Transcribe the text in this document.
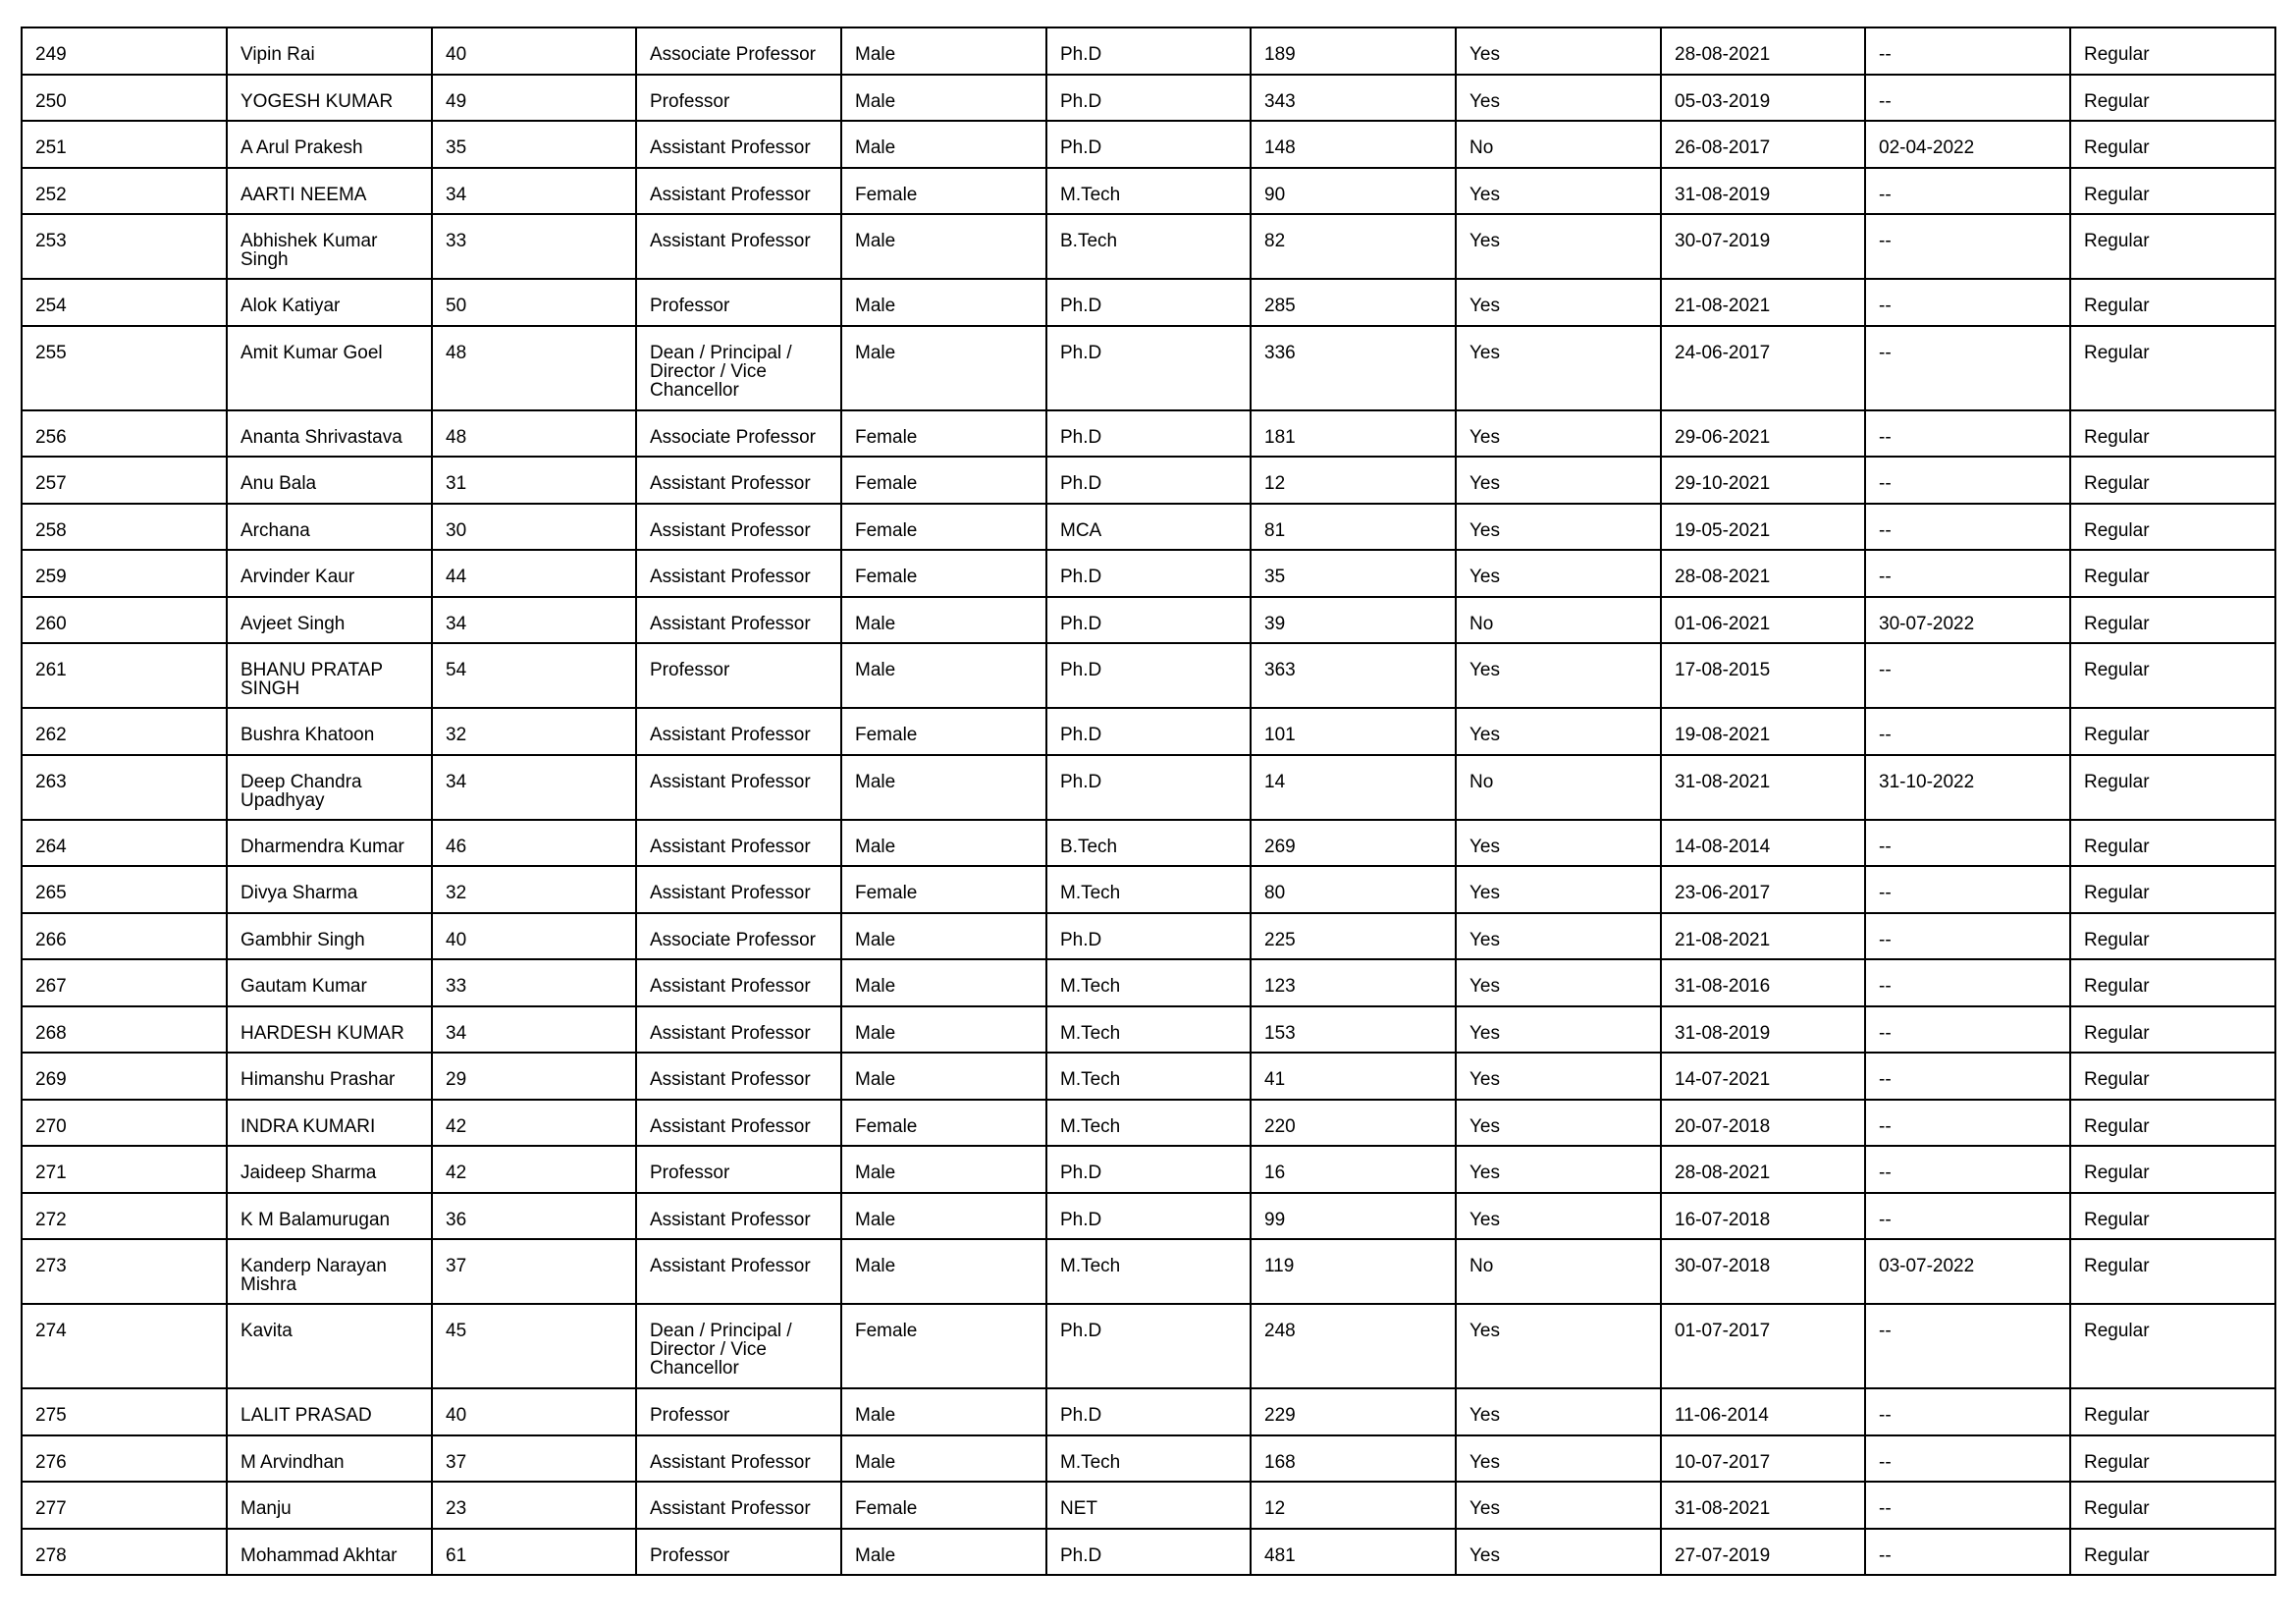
249	Vipin Rai	40	Associate Professor	Male	Ph.D	189	Yes	28-08-2021	--	Regular
250	YOGESH KUMAR	49	Professor	Male	Ph.D	343	Yes	05-03-2019	--	Regular
251	A Arul Prakesh	35	Assistant Professor	Male	Ph.D	148	No	26-08-2017	02-04-2022	Regular
252	AARTI NEEMA	34	Assistant Professor	Female	M.Tech	90	Yes	31-08-2019	--	Regular
253	Abhishek Kumar Singh	33	Assistant Professor	Male	B.Tech	82	Yes	30-07-2019	--	Regular
254	Alok Katiyar	50	Professor	Male	Ph.D	285	Yes	21-08-2021	--	Regular
255	Amit Kumar Goel	48	Dean / Principal / Director / Vice Chancellor	Male	Ph.D	336	Yes	24-06-2017	--	Regular
256	Ananta Shrivastava	48	Associate Professor	Female	Ph.D	181	Yes	29-06-2021	--	Regular
257	Anu Bala	31	Assistant Professor	Female	Ph.D	12	Yes	29-10-2021	--	Regular
258	Archana	30	Assistant Professor	Female	MCA	81	Yes	19-05-2021	--	Regular
259	Arvinder Kaur	44	Assistant Professor	Female	Ph.D	35	Yes	28-08-2021	--	Regular
260	Avjeet Singh	34	Assistant Professor	Male	Ph.D	39	No	01-06-2021	30-07-2022	Regular
261	BHANU PRATAP SINGH	54	Professor	Male	Ph.D	363	Yes	17-08-2015	--	Regular
262	Bushra Khatoon	32	Assistant Professor	Female	Ph.D	101	Yes	19-08-2021	--	Regular
263	Deep Chandra Upadhyay	34	Assistant Professor	Male	Ph.D	14	No	31-08-2021	31-10-2022	Regular
264	Dharmendra Kumar	46	Assistant Professor	Male	B.Tech	269	Yes	14-08-2014	--	Regular
265	Divya Sharma	32	Assistant Professor	Female	M.Tech	80	Yes	23-06-2017	--	Regular
266	Gambhir Singh	40	Associate Professor	Male	Ph.D	225	Yes	21-08-2021	--	Regular
267	Gautam Kumar	33	Assistant Professor	Male	M.Tech	123	Yes	31-08-2016	--	Regular
268	HARDESH KUMAR	34	Assistant Professor	Male	M.Tech	153	Yes	31-08-2019	--	Regular
269	Himanshu Prashar	29	Assistant Professor	Male	M.Tech	41	Yes	14-07-2021	--	Regular
270	INDRA KUMARI	42	Assistant Professor	Female	M.Tech	220	Yes	20-07-2018	--	Regular
271	Jaideep Sharma	42	Professor	Male	Ph.D	16	Yes	28-08-2021	--	Regular
272	K M Balamurugan	36	Assistant Professor	Male	Ph.D	99	Yes	16-07-2018	--	Regular
273	Kanderp Narayan Mishra	37	Assistant Professor	Male	M.Tech	119	No	30-07-2018	03-07-2022	Regular
274	Kavita	45	Dean / Principal / Director / Vice Chancellor	Female	Ph.D	248	Yes	01-07-2017	--	Regular
275	LALIT PRASAD	40	Professor	Male	Ph.D	229	Yes	11-06-2014	--	Regular
276	M Arvindhan	37	Assistant Professor	Male	M.Tech	168	Yes	10-07-2017	--	Regular
277	Manju	23	Assistant Professor	Female	NET	12	Yes	31-08-2021	--	Regular
278	Mohammad Akhtar	61	Professor	Male	Ph.D	481	Yes	27-07-2019	--	Regular
